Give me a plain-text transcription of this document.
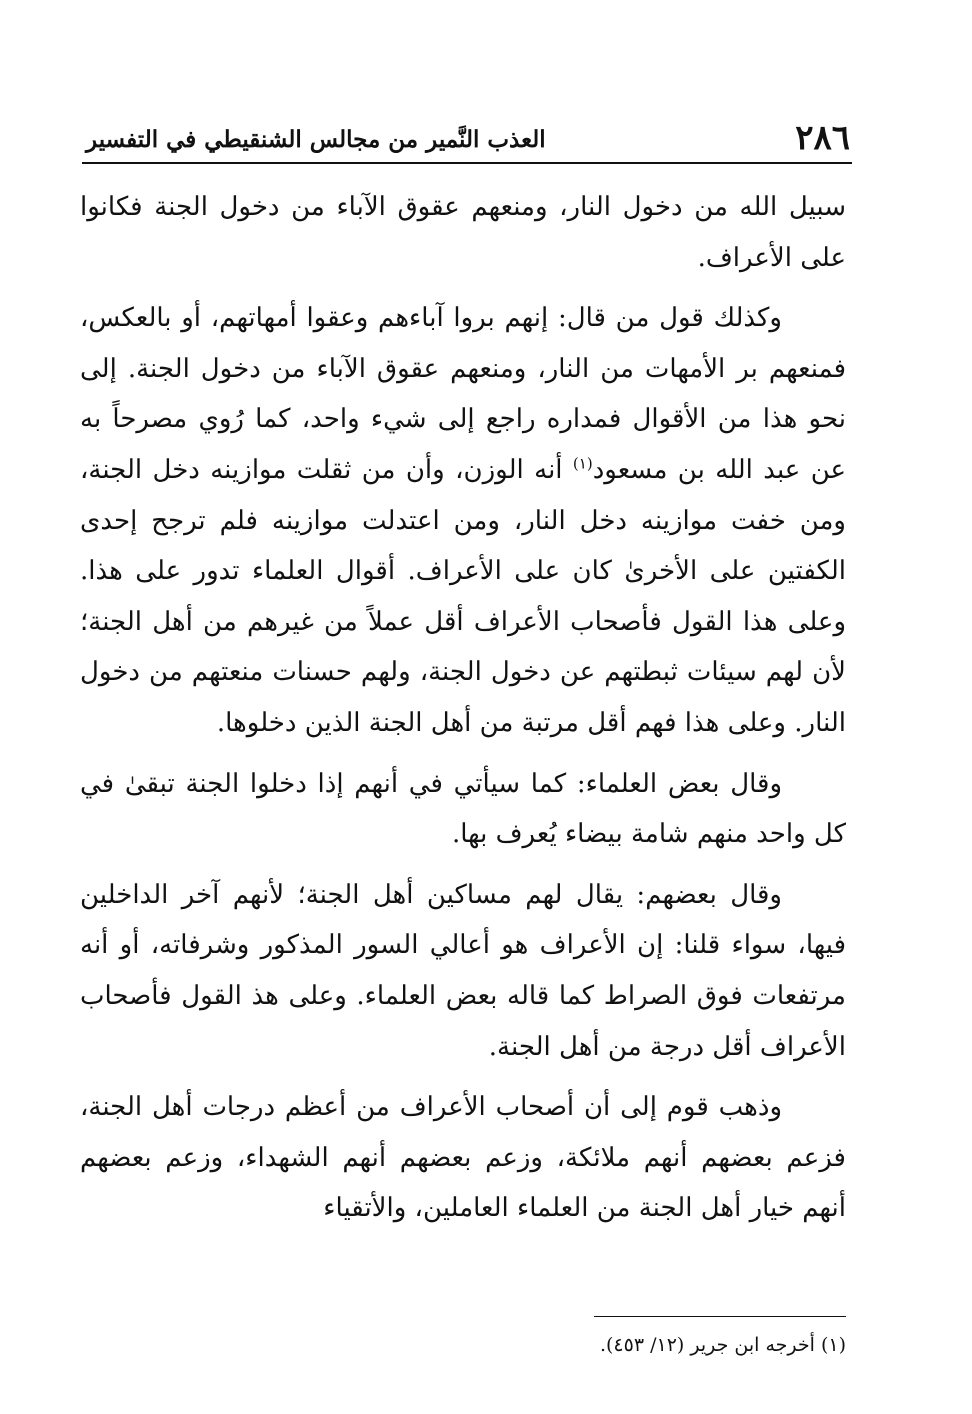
٢٨٦
العذب النَّمير من مجالس الشنقيطي في التفسير

سبيل الله من دخول النار، ومنعهم عقوق الآباء من دخول الجنة فكانوا على الأعراف.

وكذلك قول من قال: إنهم بروا آباءهم وعقوا أمهاتهم، أو بالعكس، فمنعهم بر الأمهات من النار، ومنعهم عقوق الآباء من دخول الجنة. إلى نحو هذا من الأقوال فمداره راجع إلى شيء واحد، كما رُوي مصرحاً به عن عبد الله بن مسعود$^{(١)}$ أنه الوزن، وأن من ثقلت موازينه دخل الجنة، ومن خفت موازينه دخل النار، ومن اعتدلت موازينه فلم ترجح إحدى الكفتين على الأخرىٰ كان على الأعراف. أقوال العلماء تدور على هذا. وعلى هذا القول فأصحاب الأعراف أقل عملاً من غيرهم من أهل الجنة؛ لأن لهم سيئات ثبطتهم عن دخول الجنة، ولهم حسنات منعتهم من دخول النار. وعلى هذا فهم أقل مرتبة من أهل الجنة الذين دخلوها.

وقال بعض العلماء: كما سيأتي في أنهم إذا دخلوا الجنة تبقىٰ في كل واحد منهم شامة بيضاء يُعرف بها.

وقال بعضهم: يقال لهم مساكين أهل الجنة؛ لأنهم آخر الداخلين فيها، سواء قلنا: إن الأعراف هو أعالي السور المذكور وشرفاته، أو أنه مرتفعات فوق الصراط كما قاله بعض العلماء. وعلى هذ القول فأصحاب الأعراف أقل درجة من أهل الجنة.

وذهب قوم إلى أن أصحاب الأعراف من أعظم درجات أهل الجنة، فزعم بعضهم أنهم ملائكة، وزعم بعضهم أنهم الشهداء، وزعم بعضهم أنهم خيار أهل الجنة من العلماء العاملين، والأتقياء

(١) أخرجه ابن جرير (١٢/ ٤٥٣).
